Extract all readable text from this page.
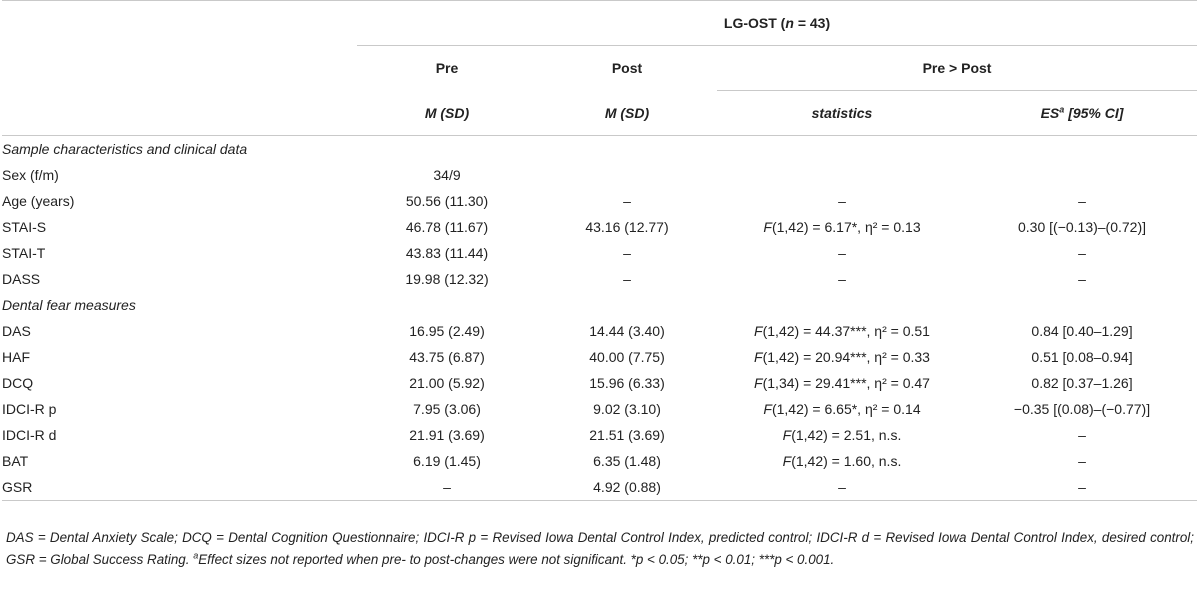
	LG-OST (n = 43)			
	Pre	Post	Pre > Post	
	M (SD)	M (SD)	statistics	$ES^a$ [95% CI]
Sample characteristics and clinical data				
Sex (f/m)	34/9			
Age (years)	50.56 (11.30)	–	–	–
STAI-S	46.78 (11.67)	43.16 (12.77)	F(1,42) = 6.17*, η² = 0.13	0.30 [(−0.13)–(0.72)]
STAI-T	43.83 (11.44)	–	–	–
DASS	19.98 (12.32)	–	–	–
Dental fear measures				
DAS	16.95 (2.49)	14.44 (3.40)	F(1,42) = 44.37***, η² = 0.51	0.84 [0.40–1.29]
HAF	43.75 (6.87)	40.00 (7.75)	F(1,42) = 20.94***, η² = 0.33	0.51 [0.08–0.94]
DCQ	21.00 (5.92)	15.96 (6.33)	F(1,34) = 29.41***, η² = 0.47	0.82 [0.37–1.26]
IDCI-R p	7.95 (3.06)	9.02 (3.10)	F(1,42) = 6.65*, η² = 0.14	−0.35 [(0.08)–(−0.77)]
IDCI-R d	21.91 (3.69)	21.51 (3.69)	F(1,42) = 2.51, n.s.	–
BAT	6.19 (1.45)	6.35 (1.48)	F(1,42) = 1.60, n.s.	–
GSR	–	4.92 (0.88)	–	–
DAS = Dental Anxiety Scale; DCQ = Dental Cognition Questionnaire; IDCI-R p = Revised Iowa Dental Control Index, predicted control; IDCI-R d = Revised Iowa Dental Control Index, desired control; GSR = Global Success Rating. $^a$Effect sizes not reported when pre- to post-changes were not significant. *p < 0.05; **p < 0.01; ***p < 0.001.
